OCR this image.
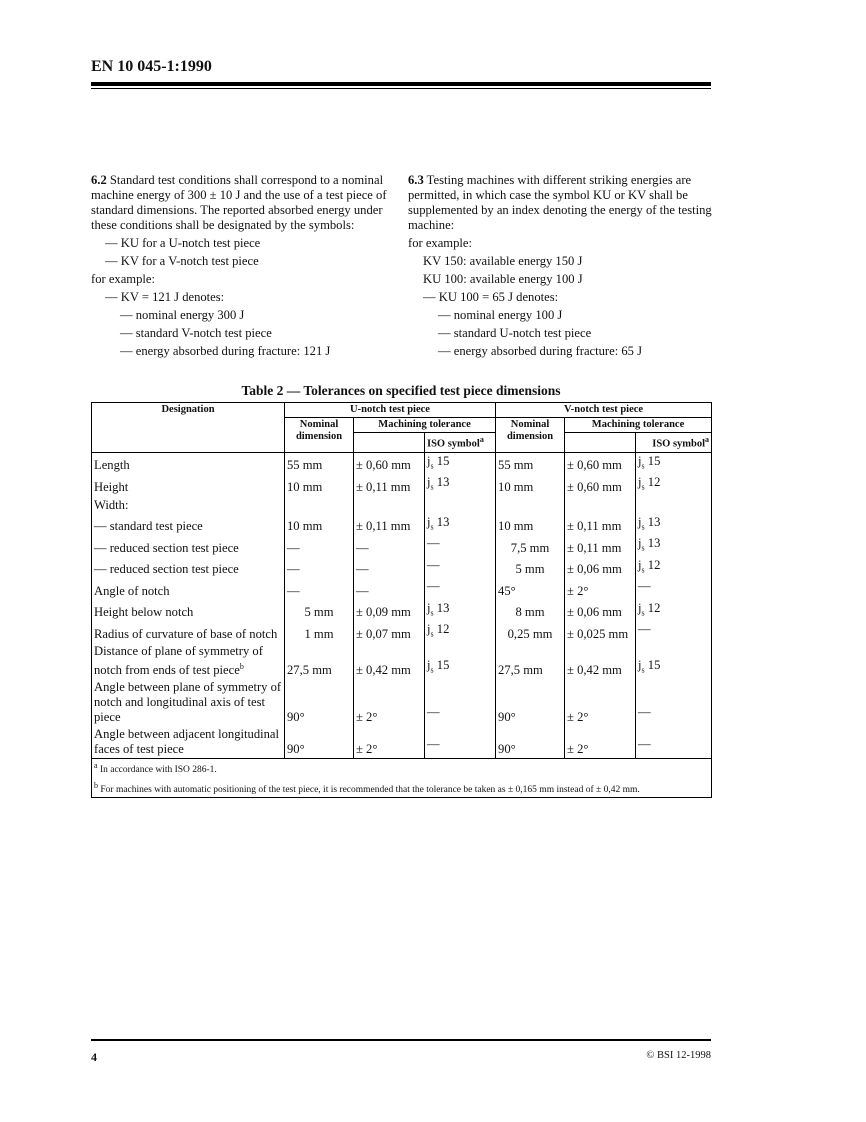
EN 10 045-1:1990

6.2 Standard test conditions shall correspond to a nominal machine energy of 300 ± 10 J and the use of a test piece of standard dimensions. The reported absorbed energy under these conditions shall be designated by the symbols:

— KU for a U-notch test piece

— KV for a V-notch test piece

for example:

— KV = 121 J denotes:

— nominal energy 300 J

— standard V-notch test piece

— energy absorbed during fracture: 121 J

6.3 Testing machines with different striking energies are permitted, in which case the symbol KU or KV shall be supplemented by an index denoting the energy of the testing machine:

for example:

KV 150: available energy 150 J

KU 100: available energy 100 J

— KU 100 = 65 J denotes:

— nominal energy 100 J

— standard U-notch test piece

— energy absorbed during fracture: 65 J

Table 2 — Tolerances on specified test piece dimensions
Designation	U-notch test piece			V-notch test piece		
	Nominal dimension	Machining tolerance		Nominal dimension	Machining tolerance	
			ISO symbol$^a$			ISO symbol$^a$
Length	55 mm	± 0,60 mm	$j_s$ 15	55 mm	± 0,60 mm	$j_s$ 15
Height	10 mm	± 0,11 mm	$j_s$ 13	10 mm	± 0,60 mm	$j_s$ 12
Width:						
— standard test piece	10 mm	± 0,11 mm	$j_s$ 13	10 mm	± 0,11 mm	$j_s$ 13
— reduced section test piece	—	—	—	7,5 mm	± 0,11 mm	$j_s$ 13
— reduced section test piece	—	—	—	5 mm	± 0,06 mm	$j_s$ 12
Angle of notch	—	—	—	45°	± 2°	—
Height below notch	5 mm	± 0,09 mm	$j_s$ 13	8 mm	± 0,06 mm	$j_s$ 12
Radius of curvature of base of notch	1 mm	± 0,07 mm	$j_s$ 12	0,25 mm	± 0,025 mm	—
Distance of plane of symmetry of notch from ends of test piece$^b$	27,5 mm	± 0,42 mm	$j_s$ 15	27,5 mm	± 0,42 mm	$j_s$ 15
Angle between plane of symmetry of notch and longitudinal axis of test piece	90°	± 2°	—	90°	± 2°	—
Angle between adjacent longitudinal faces of test piece	90°	± 2°	—	90°	± 2°	—

$^a$ In accordance with ISO 286-1.
$^b$ For machines with automatic positioning of the test piece, it is recommended that the tolerance be taken as ± 0,165 mm instead of ± 0,42 mm.						
4	© BSI 12-1998
